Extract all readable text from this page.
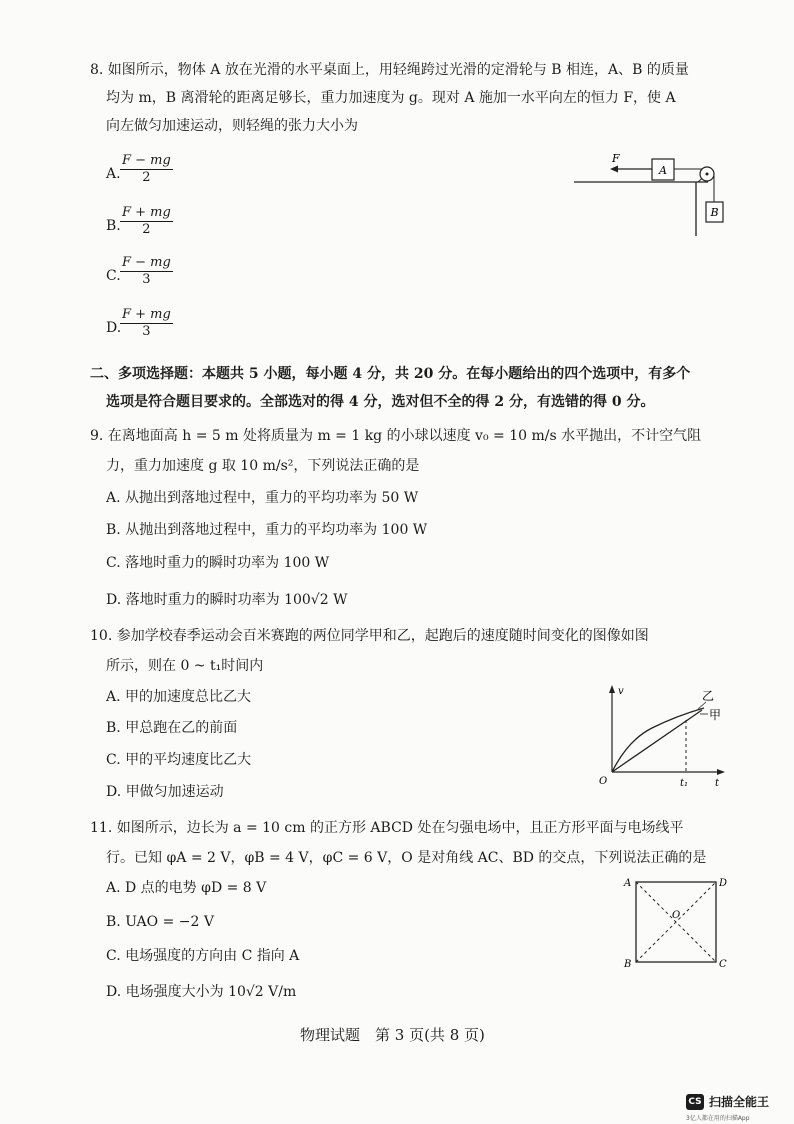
8. 如图所示，物体 A 放在光滑的水平桌面上，用轻绳跨过光滑的定滑轮与 B 相连，A、B 的质量
均为 m，B 离滑轮的距离足够长，重力加速度为 g。现对 A 施加一水平向左的恒力 F，使 A
向左做匀加速运动，则轻绳的张力大小为
A. $\frac{F - mg}{2}$
B. $\frac{F + mg}{2}$
C. $\frac{F - mg}{3}$
D.
$\frac{F + mg}{3}$
A
F
B
二、多项选择题：本题共 5 小题，每小题 4 分，共 20 分。在每小题给出的四个选项中，有多个
选项是符合题目要求的。全部选对的得 4 分，选对但不全的得 2 分，有选错的得 0 分。
9. 在离地面高 h = 5 m 处将质量为 m = 1 kg 的小球以速度 v₀ = 10 m/s 水平抛出，不计空气阻
力，重力加速度 g 取 10 m/s²，下列说法正确的是
A. 从抛出到落地过程中，重力的平均功率为 50 W
B. 从抛出到落地过程中，重力的平均功率为 100 W
C. 落地时重力的瞬时功率为 100 W
D. 落地时重力的瞬时功率为 100√2 W
10. 参加学校春季运动会百米赛跑的两位同学甲和乙，起跑后的速度随时间变化的图像如图
所示，则在 0 ~ t₁时间内
A. 甲的加速度总比乙大
B. 甲总跑在乙的前面
C. 甲的平均速度比乙大
D. 甲做匀加速运动
v
t
O	t₁
乙
甲
11. 如图所示，边长为 a = 10 cm 的正方形 ABCD 处在匀强电场中，且正方形平面与电场线平
行。已知 φA = 2 V，φB = 4 V，φC = 6 V，O 是对角线 AC、BD 的交点，下列说法正确的是
A. D 点的电势 φD = 8 V
B. UAO = −2 V
C. 电场强度的方向由 C 指向 A
D. 电场强度大小为 10√2 V/m
A	D
B	C
O
物理试题　第 3 页(共 8 页)
CS 扫描全能王
3亿人都在用的扫描App
